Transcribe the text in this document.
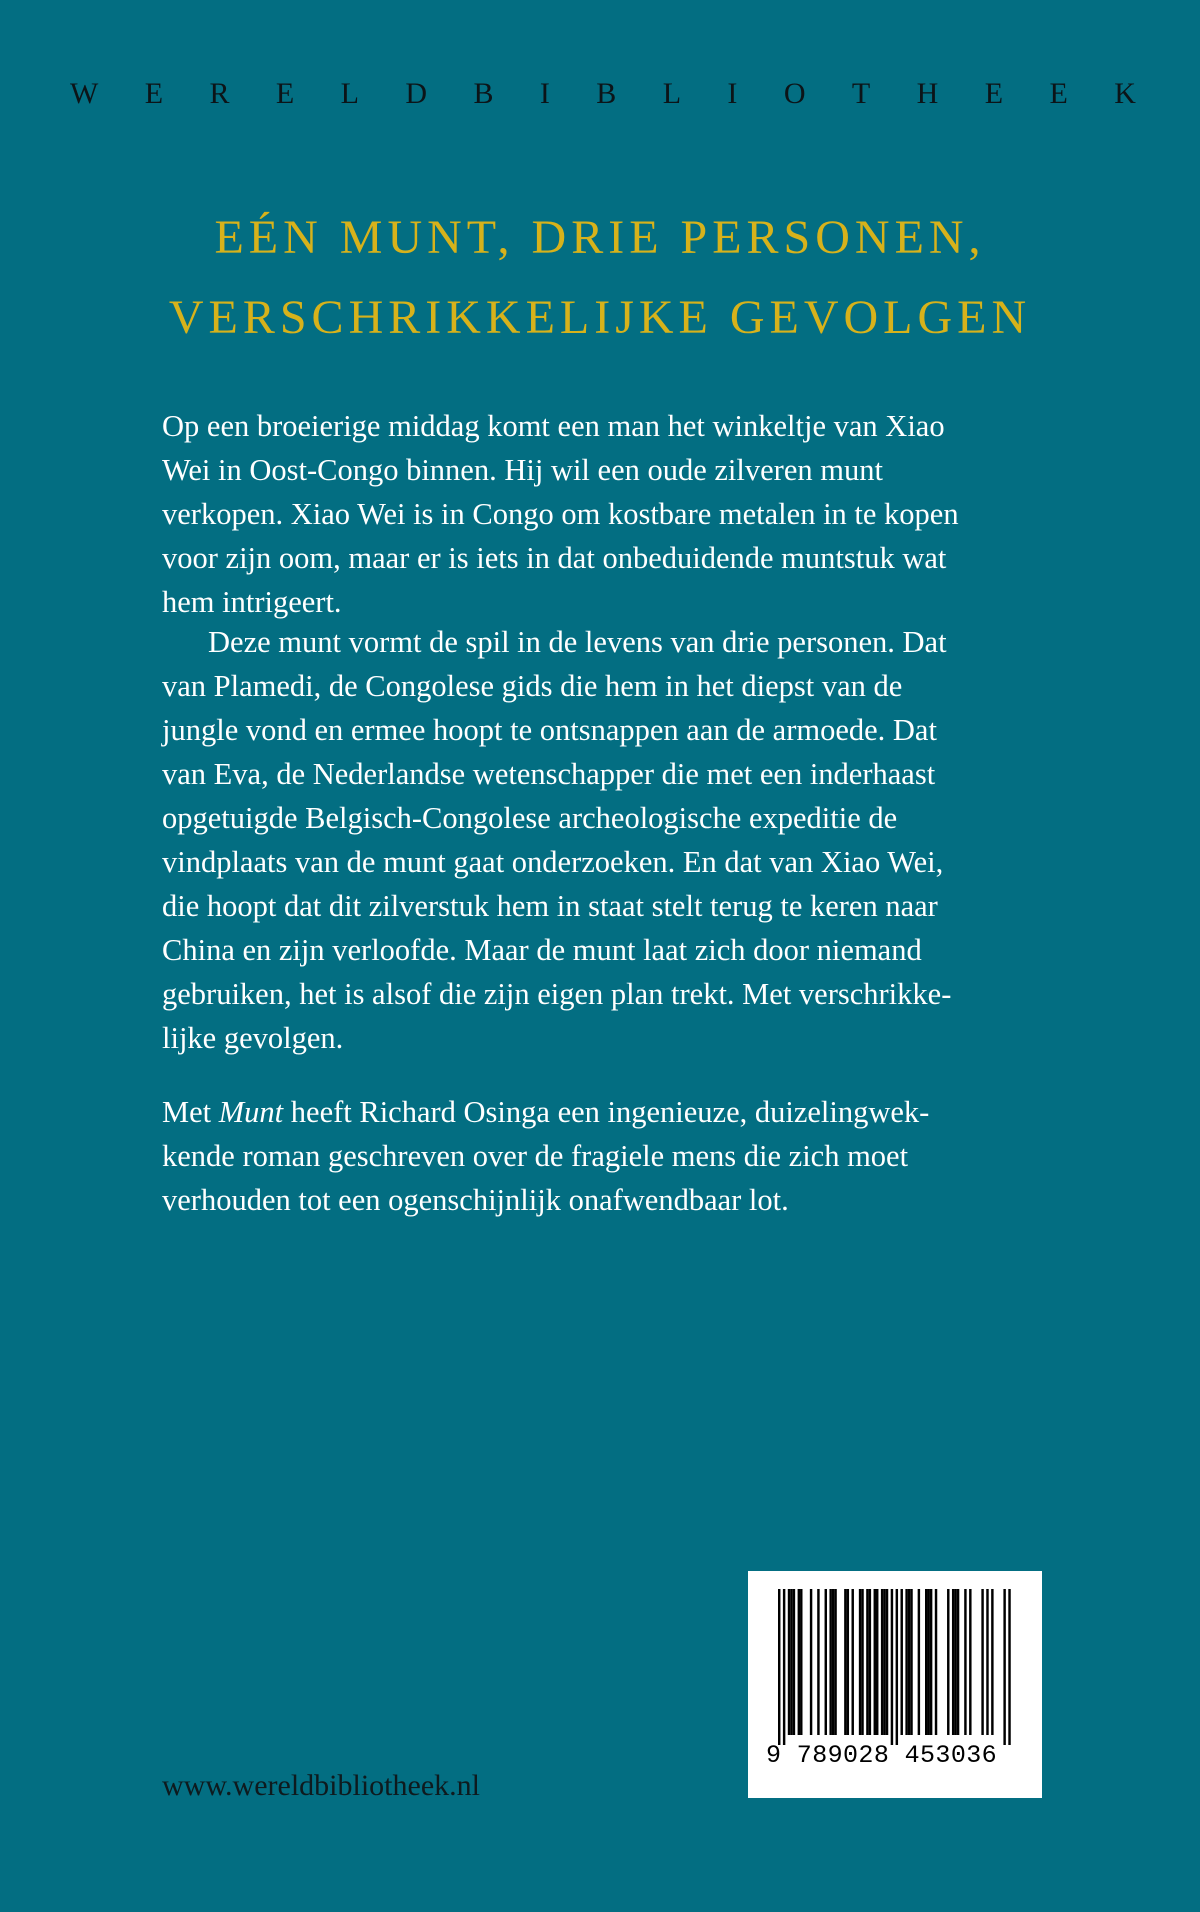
W E R E L D B I B L I O T H E E K
EÉN MUNT, DRIE PERSONEN,
VERSCHRIKKELIJKE GEVOLGEN
Op een broeierige middag komt een man het winkeltje van Xiao
Wei in Oost-Congo binnen. Hij wil een oude zilveren munt
verkopen. Xiao Wei is in Congo om kostbare metalen in te kopen
voor zijn oom, maar er is iets in dat onbeduidende muntstuk wat
hem intrigeert.
Deze munt vormt de spil in de levens van drie personen. Dat
van Plamedi, de Congolese gids die hem in het diepst van de
jungle vond en ermee hoopt te ontsnappen aan de armoede. Dat
van Eva, de Nederlandse wetenschapper die met een inderhaast
opgetuigde Belgisch-Congolese archeologische expeditie de
vindplaats van de munt gaat onderzoeken. En dat van Xiao Wei,
die hoopt dat dit zilverstuk hem in staat stelt terug te keren naar
China en zijn verloofde. Maar de munt laat zich door niemand
gebruiken, het is alsof die zijn eigen plan trekt. Met verschrikke-
lijke gevolgen.
Met Munt heeft Richard Osinga een ingenieuze, duizelingwek-
kende roman geschreven over de fragiele mens die zich moet
verhouden tot een ogenschijnlijk onafwendbaar lot.
9 789028 453036
www.wereldbibliotheek.nl
